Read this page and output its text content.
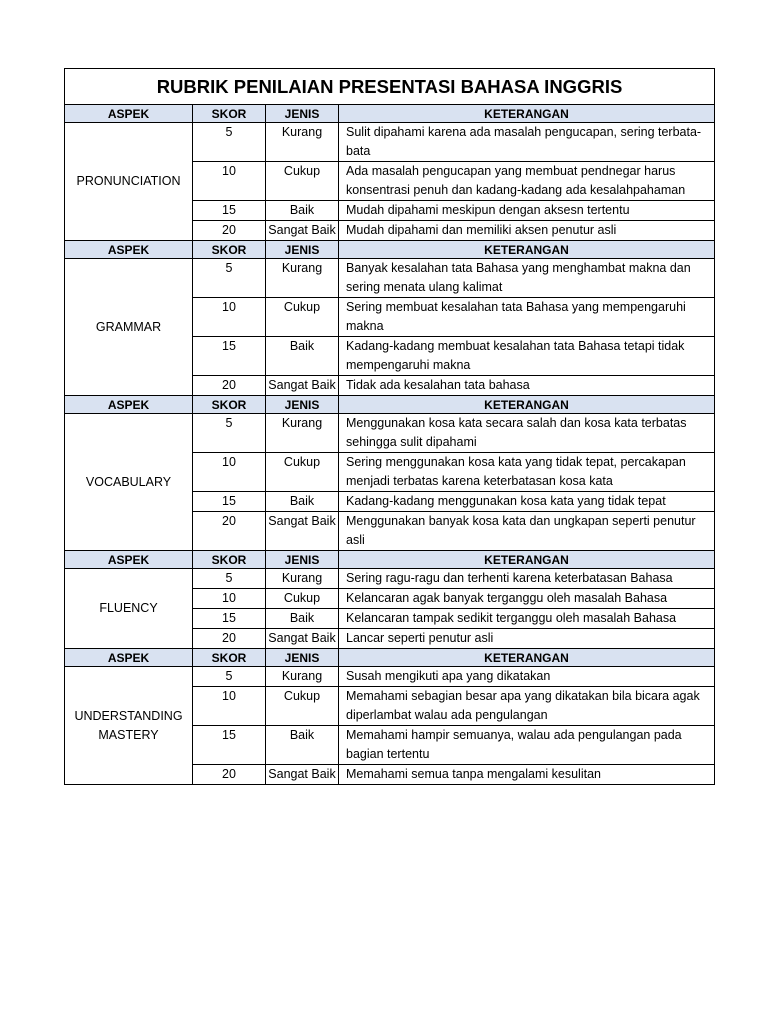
RUBRIK PENILAIAN PRESENTASI BAHASA INGGRIS			
ASPEK	SKOR	JENIS	KETERANGAN
PRONUNCIATION	5	Kurang	Sulit dipahami karena ada masalah pengucapan, sering terbata-bata
	10	Cukup	Ada masalah pengucapan yang membuat pendnegar harus konsentrasi penuh dan kadang-kadang ada kesalahpahaman
	15	Baik	Mudah dipahami meskipun dengan aksesn tertentu
	20	Sangat Baik	Mudah dipahami dan memiliki aksen penutur asli
ASPEK	SKOR	JENIS	KETERANGAN
GRAMMAR	5	Kurang	Banyak kesalahan tata Bahasa yang menghambat makna dan sering menata ulang kalimat
	10	Cukup	Sering membuat kesalahan tata Bahasa yang mempengaruhi makna
	15	Baik	Kadang-kadang membuat kesalahan tata Bahasa tetapi tidak mempengaruhi makna
	20	Sangat Baik	Tidak ada kesalahan tata bahasa
ASPEK	SKOR	JENIS	KETERANGAN
VOCABULARY	5	Kurang	Menggunakan kosa kata secara salah dan kosa kata terbatas sehingga sulit dipahami
	10	Cukup	Sering menggunakan kosa kata yang tidak tepat, percakapan menjadi terbatas karena keterbatasan kosa kata
	15	Baik	Kadang-kadang menggunakan kosa kata yang tidak tepat
	20	Sangat Baik	Menggunakan banyak kosa kata dan ungkapan seperti penutur asli
ASPEK	SKOR	JENIS	KETERANGAN
FLUENCY	5	Kurang	Sering ragu-ragu dan terhenti karena keterbatasan Bahasa
	10	Cukup	Kelancaran agak banyak terganggu oleh masalah Bahasa
	15	Baik	Kelancaran tampak sedikit terganggu oleh masalah Bahasa
	20	Sangat Baik	Lancar seperti penutur asli
ASPEK	SKOR	JENIS	KETERANGAN
UNDERSTANDING MASTERY	5	Kurang	Susah mengikuti apa yang dikatakan
	10	Cukup	Memahami sebagian besar apa yang dikatakan bila bicara agak diperlambat walau ada pengulangan
	15	Baik	Memahami hampir semuanya, walau ada pengulangan pada bagian tertentu
	20	Sangat Baik	Memahami semua tanpa mengalami kesulitan
